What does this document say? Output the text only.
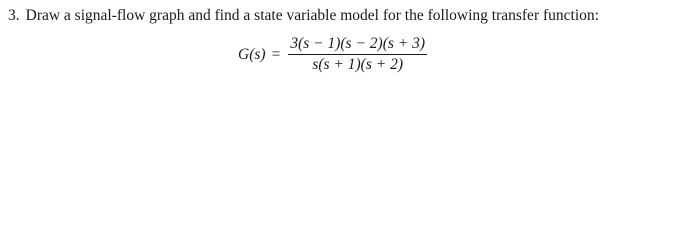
3. Draw a signal-flow graph and find a state variable model for the following transfer function:
$G(s) = \frac{3(s - 1)(s - 2)(s + 3)}{s(s + 1)(s + 2)}$
